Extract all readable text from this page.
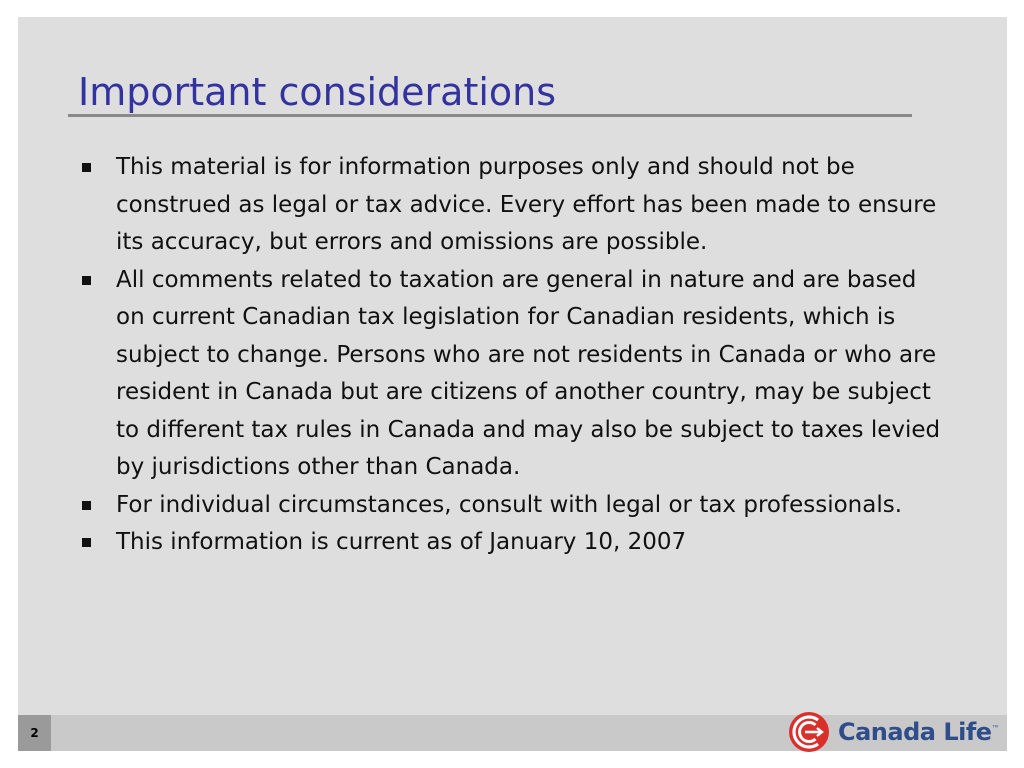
Important considerations
This material is for information purposes only and should not be construed as legal or tax advice. Every effort has been made to ensure its accuracy, but errors and omissions are possible.
All comments related to taxation are general in nature and are based on current Canadian tax legislation for Canadian residents, which is subject to change. Persons who are not residents in Canada or who are resident in Canada but are citizens of another country, may be subject to different tax rules in Canada and may also be subject to taxes levied by jurisdictions other than Canada.
For individual circumstances, consult with legal or tax professionals.
This information is current as of January 10, 2007
2	Canada Life™
